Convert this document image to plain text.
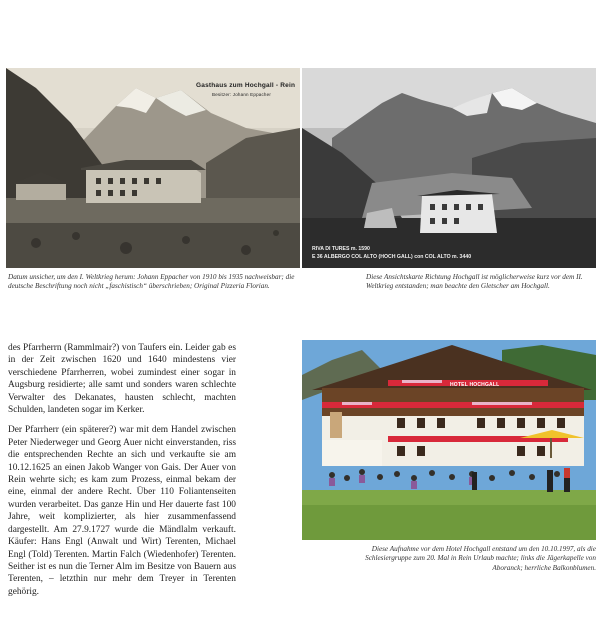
Gasthaus zum Hochgall - Rein
Besitzer: Johann Eppacher
RIVA DI TURES m. 1590
E 36 ALBERGO COL ALTO (HOCH GALL) con COL ALTO m. 3440
Datum unsicher, um den I. Weltkrieg herum: Johann Eppacher von 1910 bis 1935 nachweisbar; die deutsche Beschriftung noch nicht „faschistisch“ überschrieben; Original Pizzeria Florian.
Diese Ansichtskarte Richtung Hochgall ist möglicherweise kurz vor dem II. Weltkrieg entstanden; man beachte den Gletscher am Hochgall.

des Pfarrherrn (Rammlmair?) von Taufers ein. Leider gab es in der Zeit zwischen 1620 und 1640 mindestens vier verschiedene Pfarrherren, wobei zumindest einer sogar in Augsburg residierte; alle samt und sonders waren schlechte Verwalter des Dekanates, hausten schlecht, machten Schulden, landeten sogar im Kerker.

Der Pfarrherr (ein späterer?) war mit dem Handel zwischen Peter Niederweger und Georg Auer nicht einverstanden, riss die entsprechenden Rechte an sich und verkaufte sie am 10.12.1625 an einen Jakob Wanger von Gais. Der Auer von Rein wehrte sich; es kam zum Prozess, einmal bekam der eine, einmal der andere Recht. Über 110 Foliantenseiten wurden verarbeitet. Das ganze Hin und Her dauerte fast 100 Jahre, weit komplizierter, als hier zusammenfassend dargestellt. Am 27.9.1727 wurde die Mändlalm verkauft. Käufer: Hans Engl (Anwalt und Wirt) Terenten, Michael Engl (Told) Terenten. Martin Falch (Wiedenhofer) Terenten. Seither ist es nun die Terner Alm im Besitze von Bauern aus Terenten, – letzthin nur mehr dem Treyer in Terenten gehörig.

HOTEL HOCHGALL
Diese Aufnahme vor dem Hotel Hochgall entstand um den 10.10.1997, als die Schlesiergruppe zum 20. Mal in Rein Urlaub machte; links die Jägerkapelle von Aboranck; herrliche Balkonblumen.
